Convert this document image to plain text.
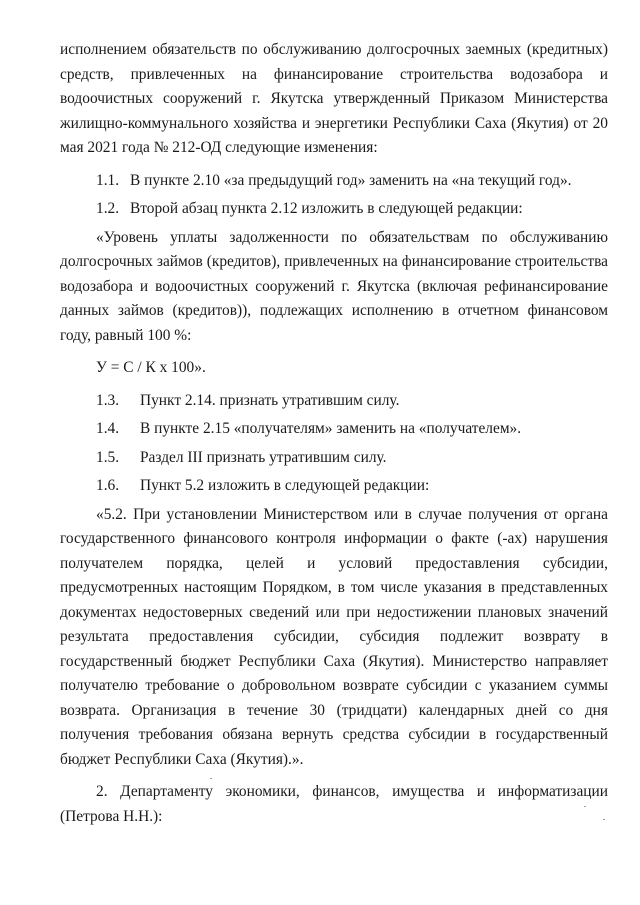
исполнением обязательств по обслуживанию долгосрочных заемных (кредитных) средств, привлеченных на финансирование строительства водозабора и водоочистных сооружений г. Якутска утвержденный Приказом Министерства жилищно-коммунального хозяйства и энергетики Республики Саха (Якутия) от 20 мая 2021 года № 212-ОД следующие изменения:

1.1. В пункте 2.10 «за предыдущий год» заменить на «на текущий год».

1.2. Второй абзац пункта 2.12 изложить в следующей редакции:

«Уровень уплаты задолженности по обязательствам по обслуживанию долгосрочных займов (кредитов), привлеченных на финансирование строительства водозабора и водоочистных сооружений г. Якутска (включая рефинансирование данных займов (кредитов)), подлежащих исполнению в отчетном финансовом году, равный 100 %:

У = С / К х 100».

1.3. Пункт 2.14. признать утратившим силу.

1.4. В пункте 2.15 «получателям» заменить на «получателем».

1.5. Раздел III признать утратившим силу.

1.6. Пункт 5.2 изложить в следующей редакции:

«5.2. При установлении Министерством или в случае получения от органа государственного финансового контроля информации о факте (-ах) нарушения получателем порядка, целей и условий предоставления субсидии, предусмотренных настоящим Порядком, в том числе указания в представленных документах недостоверных сведений или при недостижении плановых значений результата предоставления субсидии, субсидия подлежит возврату в государственный бюджет Республики Саха (Якутия). Министерство направляет получателю требование о добровольном возврате субсидии с указанием суммы возврата. Организация в течение 30 (тридцати) календарных дней со дня получения требования обязана вернуть средства субсидии в государственный бюджет Республики Саха (Якутия).».

2. Департаменту экономики, финансов, имущества и информатизации (Петрова Н.Н.):
